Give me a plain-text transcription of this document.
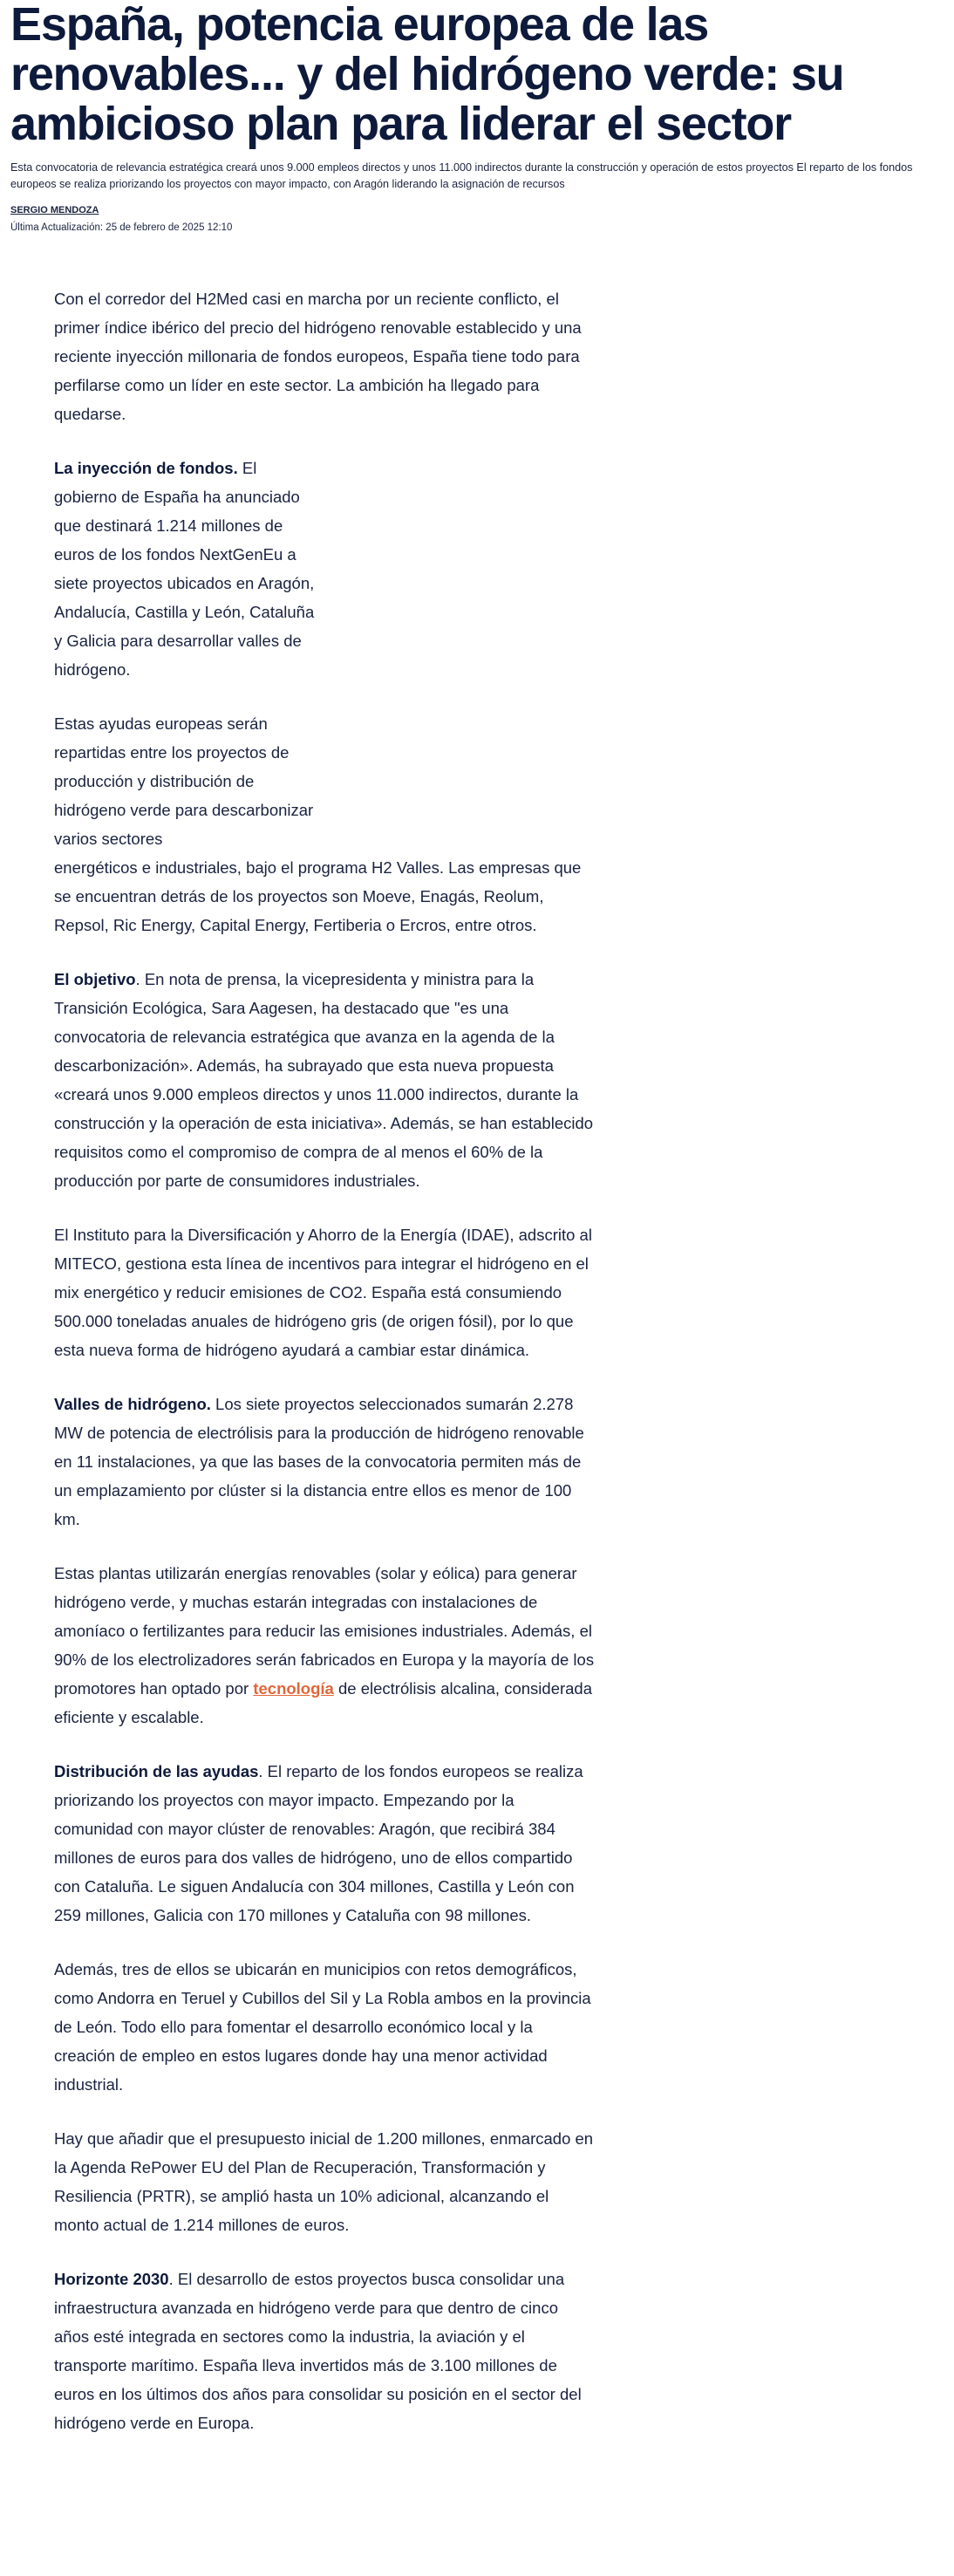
España, potencia europea de las renovables... y del hidrógeno verde: su ambicioso plan para liderar el sector

Esta convocatoria de relevancia estratégica creará unos 9.000 empleos directos y unos 11.000 indirectos durante la construcción y operación de estos proyectos El reparto de los fondos europeos se realiza priorizando los proyectos con mayor impacto, con Aragón liderando la asignación de recursos

SERGIO MENDOZA
Última Actualización: 25 de febrero de 2025 12:10

Con el corredor del H2Med casi en marcha por un reciente conflicto, el primer índice ibérico del precio del hidrógeno renovable establecido y una reciente inyección millonaria de fondos europeos, España tiene todo para perfilarse como un líder en este sector. La ambición ha llegado para quedarse.

La inyección de fondos. El gobierno de España ha anunciado que destinará 1.214 millones de euros de los fondos NextGenEu a siete proyectos ubicados en Aragón, Andalucía, Castilla y León, Cataluña y Galicia para desarrollar valles de hidrógeno.

Estas ayudas europeas serán repartidas entre los proyectos de producción y distribución de hidrógeno verde para descarbonizar varios sectores
energéticos e industriales, bajo el programa H2 Valles. Las empresas que se encuentran detrás de los proyectos son Moeve, Enagás, Reolum, Repsol, Ric Energy, Capital Energy, Fertiberia o Ercros, entre otros.

El objetivo. En nota de prensa, la vicepresidenta y ministra para la Transición Ecológica, Sara Aagesen, ha destacado que "es una convocatoria de relevancia estratégica que avanza en la agenda de la descarbonización». Además, ha subrayado que esta nueva propuesta «creará unos 9.000 empleos directos y unos 11.000 indirectos, durante la construcción y la operación de esta iniciativa». Además, se han establecido requisitos como el compromiso de compra de al menos el 60% de la producción por parte de consumidores industriales.

El Instituto para la Diversificación y Ahorro de la Energía (IDAE), adscrito al MITECO, gestiona esta línea de incentivos para integrar el hidrógeno en el mix energético y reducir emisiones de CO2. España está consumiendo 500.000 toneladas anuales de hidrógeno gris (de origen fósil), por lo que esta nueva forma de hidrógeno ayudará a cambiar estar dinámica.

Valles de hidrógeno. Los siete proyectos seleccionados sumarán 2.278 MW de potencia de electrólisis para la producción de hidrógeno renovable en 11 instalaciones, ya que las bases de la convocatoria permiten más de un emplazamiento por clúster si la distancia entre ellos es menor de 100 km.

Estas plantas utilizarán energías renovables (solar y eólica) para generar hidrógeno verde, y muchas estarán integradas con instalaciones de amoníaco o fertilizantes para reducir las emisiones industriales. Además, el 90% de los electrolizadores serán fabricados en Europa y la mayoría de los promotores han optado por tecnología de electrólisis alcalina, considerada eficiente y escalable.

Distribución de las ayudas. El reparto de los fondos europeos se realiza priorizando los proyectos con mayor impacto. Empezando por la comunidad con mayor clúster de renovables: Aragón, que recibirá 384 millones de euros para dos valles de hidrógeno, uno de ellos compartido con Cataluña. Le siguen Andalucía con 304 millones, Castilla y León con 259 millones, Galicia con 170 millones y Cataluña con 98 millones.

Además, tres de ellos se ubicarán en municipios con retos demográficos, como Andorra en Teruel y Cubillos del Sil y La Robla ambos en la provincia de León. Todo ello para fomentar el desarrollo económico local y la creación de empleo en estos lugares donde hay una menor actividad industrial.

Hay que añadir que el presupuesto inicial de 1.200 millones, enmarcado en la Agenda RePower EU del Plan de Recuperación, Transformación y Resiliencia (PRTR), se amplió hasta un 10% adicional, alcanzando el monto actual de 1.214 millones de euros.

Horizonte 2030. El desarrollo de estos proyectos busca consolidar una infraestructura avanzada en hidrógeno verde para que dentro de cinco años esté integrada en sectores como la industria, la aviación y el transporte marítimo. España lleva invertidos más de 3.100 millones de euros en los últimos dos años para consolidar su posición en el sector del hidrógeno verde en Europa.
